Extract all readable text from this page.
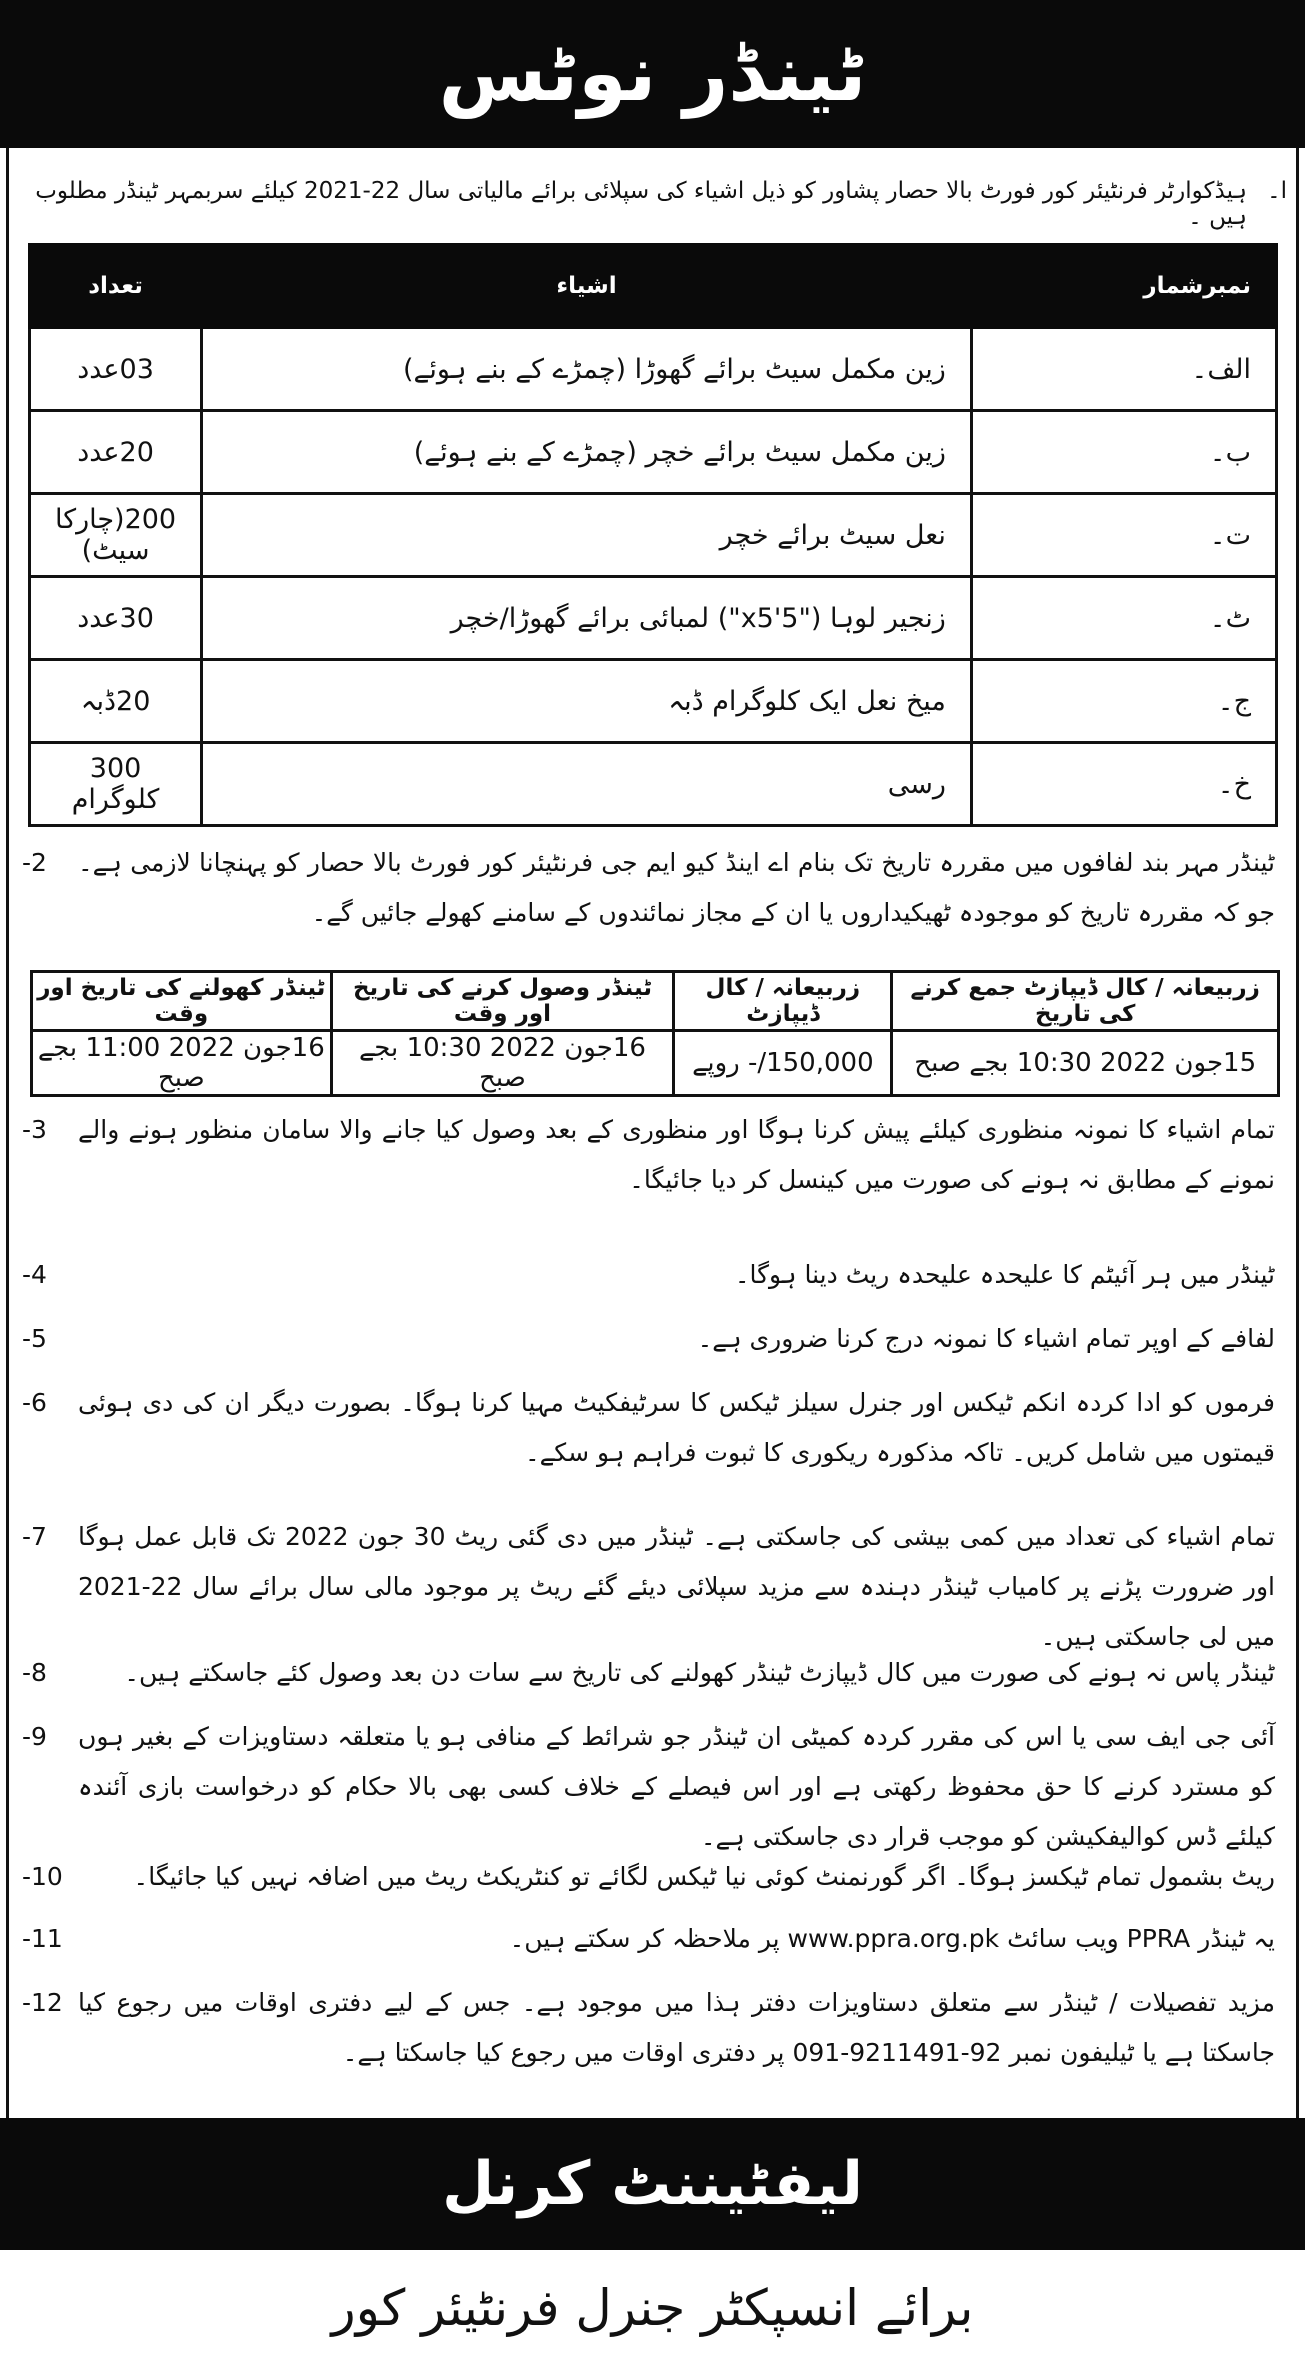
ٹینڈر نوٹس
ا۔
ہیڈکوارٹر فرنٹیئر کور فورٹ بالا حصار پشاور کو ذیل اشیاء کی سپلائی برائے مالیاتی سال 22-2021 کیلئے سربمہر ٹینڈر مطلوب ہیں ۔
نمبرشمار	اشیاء	تعداد
الف۔	زین مکمل سیٹ برائے گھوڑا (چمڑے کے بنے ہوئے)	03عدد
ب۔	زین مکمل سیٹ برائے خچر (چمڑے کے بنے ہوئے)	20عدد
ت۔	نعل سیٹ برائے خچر	200(چارکا سیٹ)
ٹ۔	زنجیر لوہا ("5'x5") لمبائی برائے گھوڑا/خچر	30عدد
ج۔	میخ نعل ایک کلوگرام ڈبہ	20ڈبہ
خ۔	رسی	300 کلوگرام
ٹینڈر مہر بند لفافوں میں مقررہ تاریخ تک بنام اے اینڈ کیو ایم جی فرنٹیئر کور فورٹ بالا حصار کو پہنچانا لازمی ہے۔ جو کہ مقررہ تاریخ کو موجودہ ٹھیکیداروں یا ان کے مجاز نمائندوں کے سامنے کھولے جائیں گے۔
-2
زربیعانہ / کال ڈیپازٹ جمع کرنے کی تاریخ	زربیعانہ / کال ڈیپازٹ	ٹینڈر وصول کرنے کی تاریخ اور وقت	ٹینڈر کھولنے کی تاریخ اور وقت
15جون 2022 10:30 بجے صبح	150,000/- روپے	16جون 2022 10:30 بجے صبح	16جون 2022 11:00 بجے صبح
تمام اشیاء کا نمونہ منظوری کیلئے پیش کرنا ہوگا اور منظوری کے بعد وصول کیا جانے والا سامان منظور ہونے والے نمونے کے مطابق نہ ہونے کی صورت میں کینسل کر دیا جائیگا۔
-3
ٹینڈر میں ہر آئیٹم کا علیحدہ علیحدہ ریٹ دینا ہوگا۔
-4
لفافے کے اوپر تمام اشیاء کا نمونہ درج کرنا ضروری ہے۔
-5
فرموں کو ادا کردہ انکم ٹیکس اور جنرل سیلز ٹیکس کا سرٹیفکیٹ مہیا کرنا ہوگا۔ بصورت دیگر ان کی دی ہوئی قیمتوں میں شامل کریں۔ تاکہ مذکورہ ریکوری کا ثبوت فراہم ہو سکے۔
-6
تمام اشیاء کی تعداد میں کمی بیشی کی جاسکتی ہے۔ ٹینڈر میں دی گئی ریٹ 30 جون 2022 تک قابل عمل ہوگا اور ضرورت پڑنے پر کامیاب ٹینڈر دہندہ سے مزید سپلائی دیئے گئے ریٹ پر موجود مالی سال برائے سال 22-2021 میں لی جاسکتی ہیں۔
-7
ٹینڈر پاس نہ ہونے کی صورت میں کال ڈیپازٹ ٹینڈر کھولنے کی تاریخ سے سات دن بعد وصول کئے جاسکتے ہیں۔
-8
آئی جی ایف سی یا اس کی مقرر کردہ کمیٹی ان ٹینڈر جو شرائط کے منافی ہو یا متعلقہ دستاویزات کے بغیر ہوں کو مسترد کرنے کا حق محفوظ رکھتی ہے اور اس فیصلے کے خلاف کسی بھی بالا حکام کو درخواست بازی آئندہ کیلئے ڈس کوالیفکیشن کو موجب قرار دی جاسکتی ہے۔
-9
ریٹ بشمول تمام ٹیکسز ہوگا۔ اگر گورنمنٹ کوئی نیا ٹیکس لگائے تو کنٹریکٹ ریٹ میں اضافہ نہیں کیا جائیگا۔
-10
یہ ٹینڈر PPRA ویب سائٹ www.ppra.org.pk پر ملاحظہ کر سکتے ہیں۔
-11
مزید تفصیلات / ٹینڈر سے متعلق دستاویزات دفتر ہذا میں موجود ہے۔ جس کے لیے دفتری اوقات میں رجوع کیا جاسکتا ہے یا ٹیلیفون نمبر 92-9211491-091 پر دفتری اوقات میں رجوع کیا جاسکتا ہے۔
-12
لیفٹیننٹ کرنل
برائے انسپکٹر جنرل فرنٹیئر کور
